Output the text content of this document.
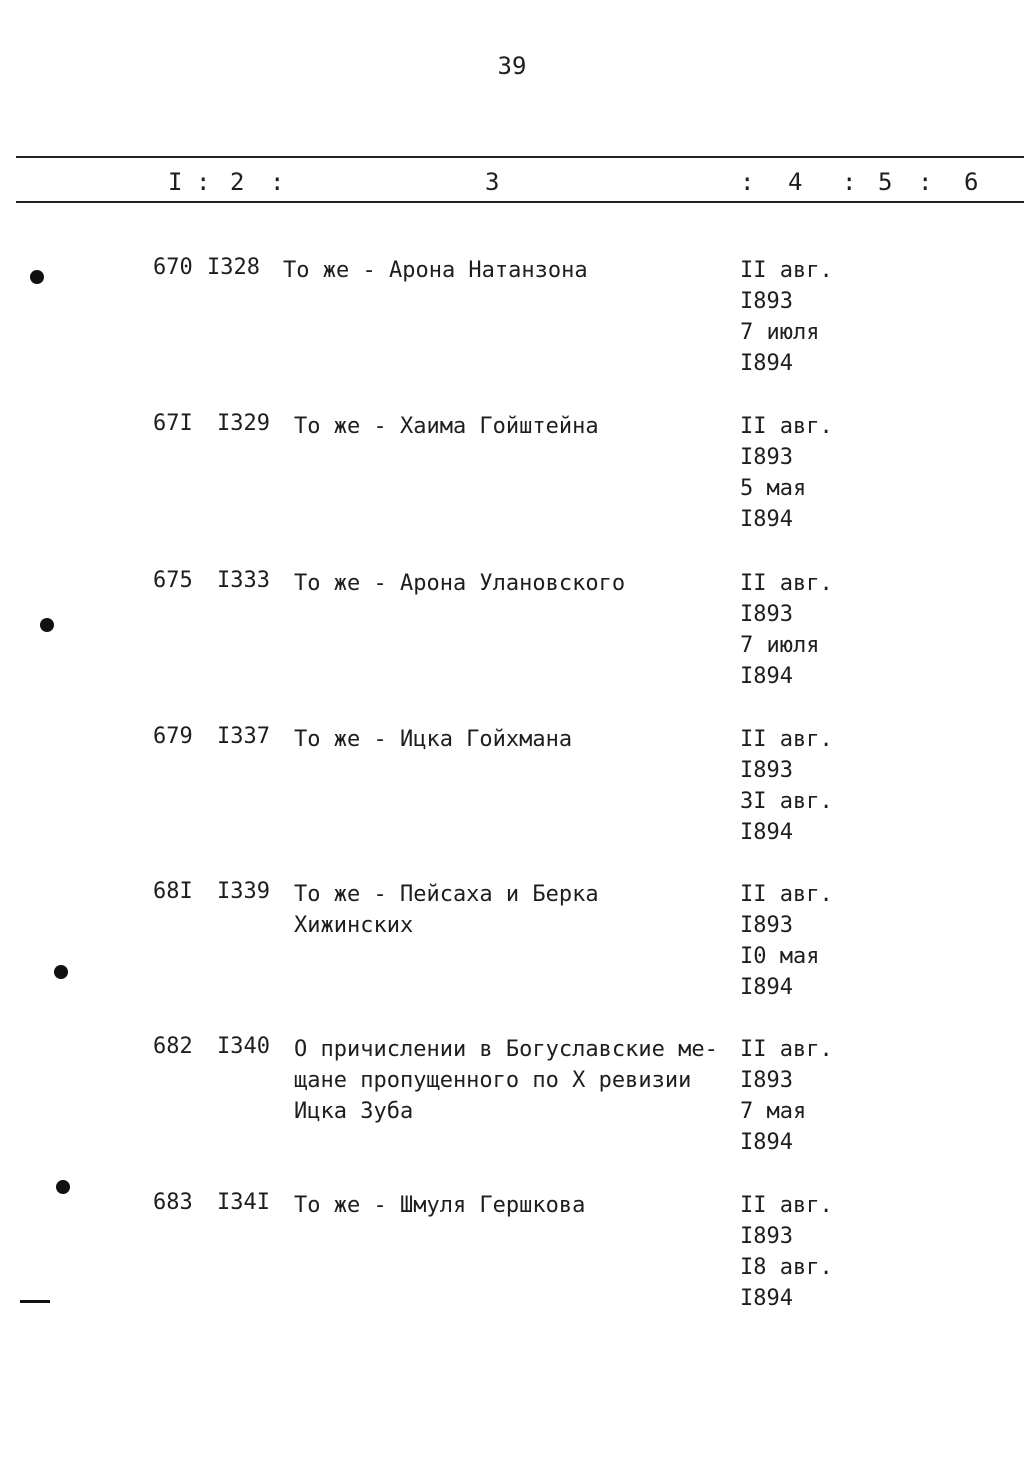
39
I : 2 :	3	: 4 : 5 : 6
670 I328 То же - Арона Натанзона	II авг.
I893
7 июля
I894
67I I329 То же - Хаима Гойштейна	II авг.
I893
5 мая
I894
675 I333 То же - Арона Улановского	II авг.
I893
7 июля
I894
679 I337 То же - Ицка Гойхмана	II авг.
I893
3I авг.
I894
68I I339 То же - Пейсаха и Берка Хижинских
II авг.
I893
I0 мая
I894
682 I340 О причислении в Богуславские ме-щане пропущенного по X ревизии Ицка Зуба
II авг.
I893
7 мая
I894
683 I34I То же - Шмуля Гершкова	II авг.
I893
I8 авг.
I894
